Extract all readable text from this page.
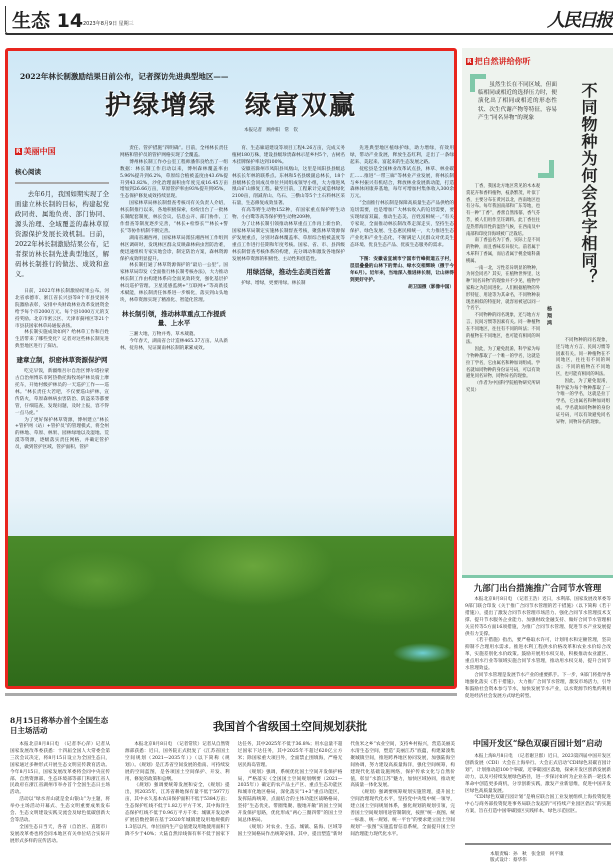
生态 14 2023年8月9日 星期三	人民日报
2022年林长制激励结果日前公布，记者探访先进典型地区——
护绿增绿　绿富双赢
本报记者　顾仲阳　常　钦
R 美丽中国
核心阅读
去年6月，我国如期实现了全面建立林长制的目标，构建起党政同责、属地负责、部门协同、源头治理、全域覆盖的森林草原资源保护发展长效机制。日前，2022年林长制激励结果公布，记者探访林长制先进典型地区，解码林长制推行的做法、成效和意义。

日前，2022年林长制激励结果公布。河北省承德市、浙江省长兴县等8个市县受国务院激励表彰，安排中央财政林业改革发展资金给予每个市2000万元、每个县1000万元的支持奖励。北京市密云区、天津市蓟州区等21个市县获国家林草局通报表扬。

林长制实施成效如何？给林草工作和百姓生活带来了哪些变化？记者对这些林长制先进典型地区进行了探访。

建章立制，织密林草资源保护网

吃完早饭，新疆维吾尔自治区博尔塔拉蒙古自治州博乐市阿热勒托海牧场护林员骑上摩托车，开始村级护林员的一天巡护工作——巡林。“林长责任大若吧，不仅要巡山护林，宣传防火，草原森林病虫害防治、防盗采等都要管，仔细巡查，发现问题，及时上报，容不得一点马虎。”

为了更好保护林草资源，博州建立“林长+管护网（站）+管护员”的管理模式，将全州的林地、草原、林果、园林绿地以及湿地、荒漠等资源，逐级落实责任网格，并确定管护员，做到管护区域、管护面积、管护

责任、管护措施“四明确”。目前，全州林长责任网格和管护员的管护网格实现了全覆盖。

博州林长制工作办公室工程师潘伟良给出了一组数据：林长制工作启动以来，博州森林覆盖率由5.96%提升到6.2%，草原综合植被盖度由43.6%提升到43.82%，沙化治理面积由年度完成16.45万亩增加到26.66万亩，草原管护率由93%提升到95%，生态保护修复成效持续显现。

国家林草局林长制督查考核司有关负责人介绍，林长制推行以来，各地积极探索，纷纷出台了一批林长制配套制度，林长会议、信息公开、部门协作、工作督查等制度逐步完善，“林长+检察长”“林长+警长”等协作机制不断完善。

湖南省湘西州，国家林草局派驻湘西州工作组到林区调研时，发现林区群众反映森林病虫害防治难，便迅速组织专家实地会诊，制定防治方案，森林资源保护成效明显提升。

林长制打通了林草资源保护的“最后一公里”。国家林草局印发《全面推行林长制考核办法》，大力推动林长制工作由构建体系向全面见效转变，强化基层护林员巡护管理。卫星遥感监测+“互联网+”等高新技术赋能，林长制责任体系进一步细化，落实到山头地块，林草资源实现了精准化、智能化管理。

林长制引领，推动林草重点工作提质量、上水平

三湘大地，万物并秀、草木葳蕤。

今年春天，湖南省合计造林465.37万亩。从从新林、抚育林，见证湖南林长制的累累成效。

育、生态廊道建设等项目工程4.26万亩，完成义务植树180万株，建设县级珍贵森林示范乡村5个，古树名木挂牌保护率达到100%。

安徽省滁州市凤阳县凤凰山，这里是凤阳县县级总林长长年林的联系点。东林和5名县级副总林长，18个县级林长会同成员单位共同组成领导小组，大力推进凤凰山矿山修复工程。截至目前，工程累计完成造林绿化2100亩，削减青山、乌石、三横山等5个土石料林区采石量，生态修复成效显著。

有高等野生动物152种，有国家重点保护野生动物、小白鹭等高等保护野生动物209种。

为了让林长制引领推动林草重点工作再上新台阶，国家林草局制定实施林长制督查考核，聚焦林草资源保护发展重点，分别对森林覆盖率、草原综合植被盖度等重点工作进行任期和年度考核。国家、省、市、县四级林长制督查考核体系的构建，充分调动和激发各地保护发展林草资源的积极性、主动性和创造性。

用绿活绿，推动生态美百姓富

护绿、增绿，更要用绿。林长制

先进典型地区植绿护绿，助力增绿，有效用绿，带动产业发展，释放生态红利，走出了一条绿起来、美起来、富起来的生态发展之路。

抚松县是全国林业改革试点县，林草、林业碳汇……推进“一带三廊”等林业产业发展，将林长制与乡村振兴有机结合，释放林业发展新动能，打造森林休闲康养基地，每年可增加村集体收入300余万元。

“全面推行林长制是保障高质量生态产品供给的迫切需要，也是增加广大林农收入的迫切需要，要实现绿富双赢，推动生态美、百姓富相统一。”有关专家说，全面推动林长制改革走深走实，坚持生态保护、绿色发展、生态惠民相统一，大力推进生态产业化和产业生态化，不断满足人民群众对优美生态环境、优良生态产品、优质生态服务的需求。

下图：安徽省宣城市宁国市竹峰街道五子村，层层叠叠的山林下的青山、绿水交相辉映（摄于今年6月）。近年来，当地深入推进林长制，让山林得到更好守护。

胡卫国摄（影像中国）
R 把自然讲给你听
虽然生长在不同区域，但面临相同或相近的选择压力时，便演化出了相同或相近的形态性状、次生代谢产物等特征，容易产生“同名异物”的现象	不同物种为何会名字相同？
杨翔鸿

丁香，我国北方地区常见的木本观赏花卉和香料植物，枝条繁茂，叶似丁香，主要分布在黄河以北，西南地区也有分布。每年我国南部和广东等地，也有一种“丁香”，香蕾自然浓郁，香气芬芳，被人们用作烹饪调料。此丁香往往是热带海洋性的湿热气候，在西南及中南部和印度洋海域被广泛栽培。

南丁香虽名为丁香，实际上是不同的物种，而且香味差异很大。前者属于木犀科丁香属，而后者属于桃金娘科蒲桃属。

一南一北，习性差异明显的物种，为何会同名？其实，在植物世界里，这种“同名异物”的现象并不少见，植物学家称之为趋同进化。人们根据植物的外形特征、用途等为其命名，不同物种表现出相似的特征时，就容易被冠以同一个名字。

不同物种的同名现象，还与地方方言、民间习惯等因素有关。同一种植物在不同地区，往往有不同的叫法；不同的植物在不同地区，也可能有相同的叫法。

因此，为了避免混淆，科学家为每个物种都取了一个唯一的学名，这就是拉丁学名，它由属名和种加词组成。学名就如同物种的身份证号码，可以有效避免同名异物、同物异名的现象。

（作者为中国科学院植物研究所研究员）

不同物种的同名现象，还与地方方言、民间习惯等因素有关。同一种植物在不同地区，往往有不同的叫法；不同的植物在不同地区，也可能有相同的叫法。

因此，为了避免混淆，科学家为每个物种都取了一个唯一的学名，这就是拉丁学名，它由属名和种加词组成。学名就如同物种的身份证号码，可以有效避免同名异物、同物异名的现象。

九部门出台措施推广合同节水管理

本报北京8月8日电　（记者王浩）近日，水利部、国家发展改革委等9部门联合印发《关于推广合同节水管理的若干措施》（以下简称《若干措施》），提出了激发合同节水管理市场活力、强化合同节水管理技术支撑、提升节水服务企业能力、加强财政金融支持、做好合同节水管理相关宣传等5方面16项措施，为推广合同节水管理、促进节水产业发展提供有力支撑。

《若干措施》指出，要严格取水许可，计划用水和定额管理，坚决抑制不合理用水需求。推进水利工程供水价格改革和农业水价综合改革，实施差别化水价政策。鼓励开展用水权交易，积极推动农业灌区、重点用水行业等领域实施合同节水管理，推动用水权交易，提升合同节水管理效益。

合同节水管理是发展节水产业的重要抓手。下一步，9部门将指导各地强化落实《若干措施》，大力推广合同节水管理，激发市场活力，引导和鼓励社会资本参与节水，加快发展节水产业，以水资源节约集约利用促进经济社会发展方式绿色转型。

中国开发区“绿色双碳百园计划”启动

本报上海8月8日电　（记者谢卫群）近日，2023第四届中国开发区创新发展（CDI）大会在上海举行。大会正式启动“CDI绿色双碳百园计划”，计划推动超100个零碳、近零碳园区落地，探索开发区创新发展新动力，以及可持续发展绿色路径，进一步探讨如何为企业在新一轮技术革命中创造更多商机，分享创新实践，激发产业新思维，促进中国开发区绿色高质量发展。

“CDI绿色双碳百园计划”是响应联合国工业发展组织上海投资促进中心与商务部投资促进事务局联合发起的“可持续产业园区倡议”的实施方案，旨在打造中国零碳园区实践样本，绿色示范园区。

本版责编：孙　秋　张金晨　何平康
版式设计：蔡华伟
8月15日将举办首个全国生态日主场活动

本报北京8月8日电　（记者李心萍）记者从国家发展改革委获悉：十四届全国人大常委会第三次会议决定，将8月15日设立为全国生态日，国家通过多种形式开展生态文明宣传教育活动。今年8月15日，国家发展改革委将会同中央宣传部、自然资源部、生态环境部等部门和浙江省人民政府在浙江省湖州市举办首个全国生态日主场活动。

活动以“绿水青山就是金山银山”为主题，将举办主场活动开幕式、生态文明重要成果发布会、生态文明建设实践交流会及绿色低碳创新大会等活动。

全国生态日当天，各省（自治区、直辖市）发展改革委也将会同本地区有关单位结合实际开展形式多样的宣传活动。

我国首个省级国土空间规划获批

本报北京8月8日电　（记者常钦）记者从自然资源部获悉：近日，国务院正式批复了《江苏省国土空间规划（2021—2035年）》（以下简称《规划》）。《规划》是江苏省空间发展的指南、可持续发展的空间蓝图，是各项国土空间保护、开发、利用、修复的政策和总纲。

《规划》强调要统筹发展和安全，《规划》提出，到2035年，江苏省耕地保有量不低于5977万亩，其中永久基本农田保护面积不低于5384万亩；生态保护红线不低于1.82万平方千米，其中海洋生态保护红线不低于0.96万平方千米；城镇开发边界扩展倍数控制在基于2020年城镇建设用地规模的1.3倍以内，单位国内生产总值建设用地使用面积下降不少于40%；大陆自然岸线保有率不低于国家下达任务，其中2025年不低于36.8%；用水总量不超过国家下达任务，其中2025年不超过620亿立方米；除国家重大项目外，全面禁止围填海，严格无居民海岛管理。

《规划》强调，系统优化国土空间开发保护格局，严格落实《全国国土空间规划纲要（2021—2035年）》确定的农产品主产区、重点生态功能区和城市化地区格局，深化落实“1+3”重点功能区，发挥陆海统筹，点面结合的主体功能区战略格局，坚持“生态优先、带圈集聚、腹地开敞”的国土空间开发保护思路，优化形成“两心三圈四带”的国土空间总体格局。

《规划》对农业、生态、城镇、陆海、区域等国土空间格局作出统筹安排。其中，提出塑造“新时代鱼米之乡”农业空间，支持乡村振兴，营造美丽美水清生态空间，塑造“美丽江苏”底蕴，构建紧凑集聚城镇空间，推进跨界地区协同发展，加强陆海空间协调，努力建设高质量海洋，强化空间统筹，构建现代化基础设施网络，保护传承文化与自然价值，彰显“水韵江苏”魅力，加快区域协同，推动更高质量一体化发展。

《规划》强调要统筹规划实施管理，提升国土空间治理现代化水平，坚持党中央集中统一领导，建立国土空间规划体系，强化规划的规划引领，完善国土空间规划用途管制制度，按照“统一底图、统一标准、统一规划、统一平台”的要求建立国土空间规划“一张图”实施监督信息系统，全面提升国土空间治理能力现代化水平。
